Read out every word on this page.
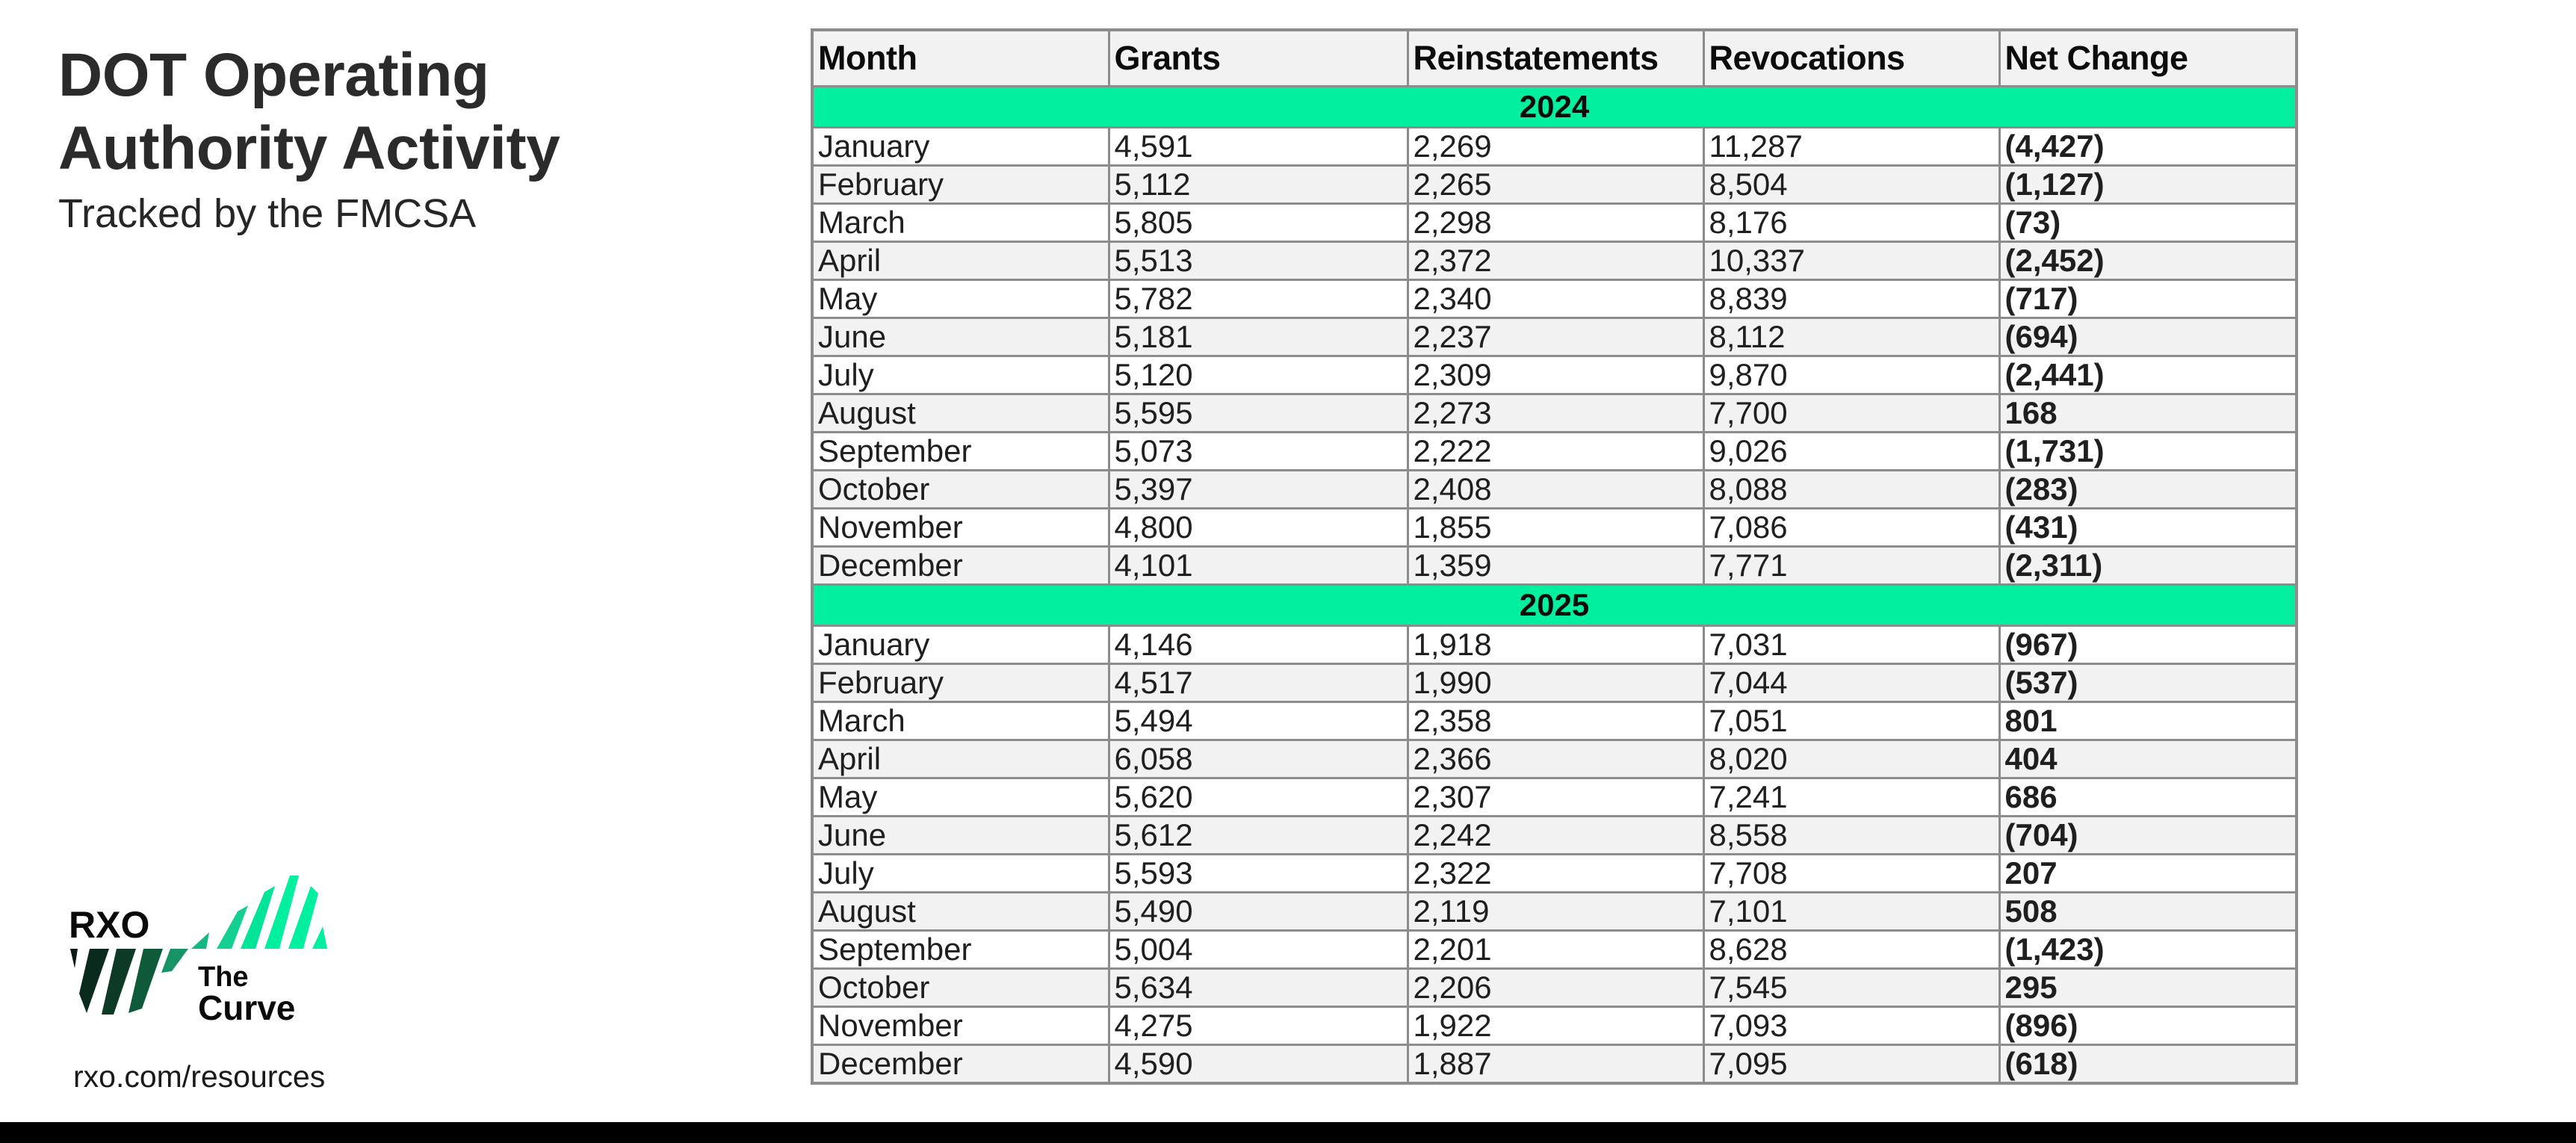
DOT Operating
Authority Activity
Tracked by the FMCSA
RXO
The
Curve
rxo.com/resources
Month	Grants	Reinstatements	Revocations	Net Change
2024				
January	4,591	2,269	11,287	(4,427)
February	5,112	2,265	8,504	(1,127)
March	5,805	2,298	8,176	(73)
April	5,513	2,372	10,337	(2,452)
May	5,782	2,340	8,839	(717)
June	5,181	2,237	8,112	(694)
July	5,120	2,309	9,870	(2,441)
August	5,595	2,273	7,700	168
September	5,073	2,222	9,026	(1,731)
October	5,397	2,408	8,088	(283)
November	4,800	1,855	7,086	(431)
December	4,101	1,359	7,771	(2,311)
2025				
January	4,146	1,918	7,031	(967)
February	4,517	1,990	7,044	(537)
March	5,494	2,358	7,051	801
April	6,058	2,366	8,020	404
May	5,620	2,307	7,241	686
June	5,612	2,242	8,558	(704)
July	5,593	2,322	7,708	207
August	5,490	2,119	7,101	508
September	5,004	2,201	8,628	(1,423)
October	5,634	2,206	7,545	295
November	4,275	1,922	7,093	(896)
December	4,590	1,887	7,095	(618)
